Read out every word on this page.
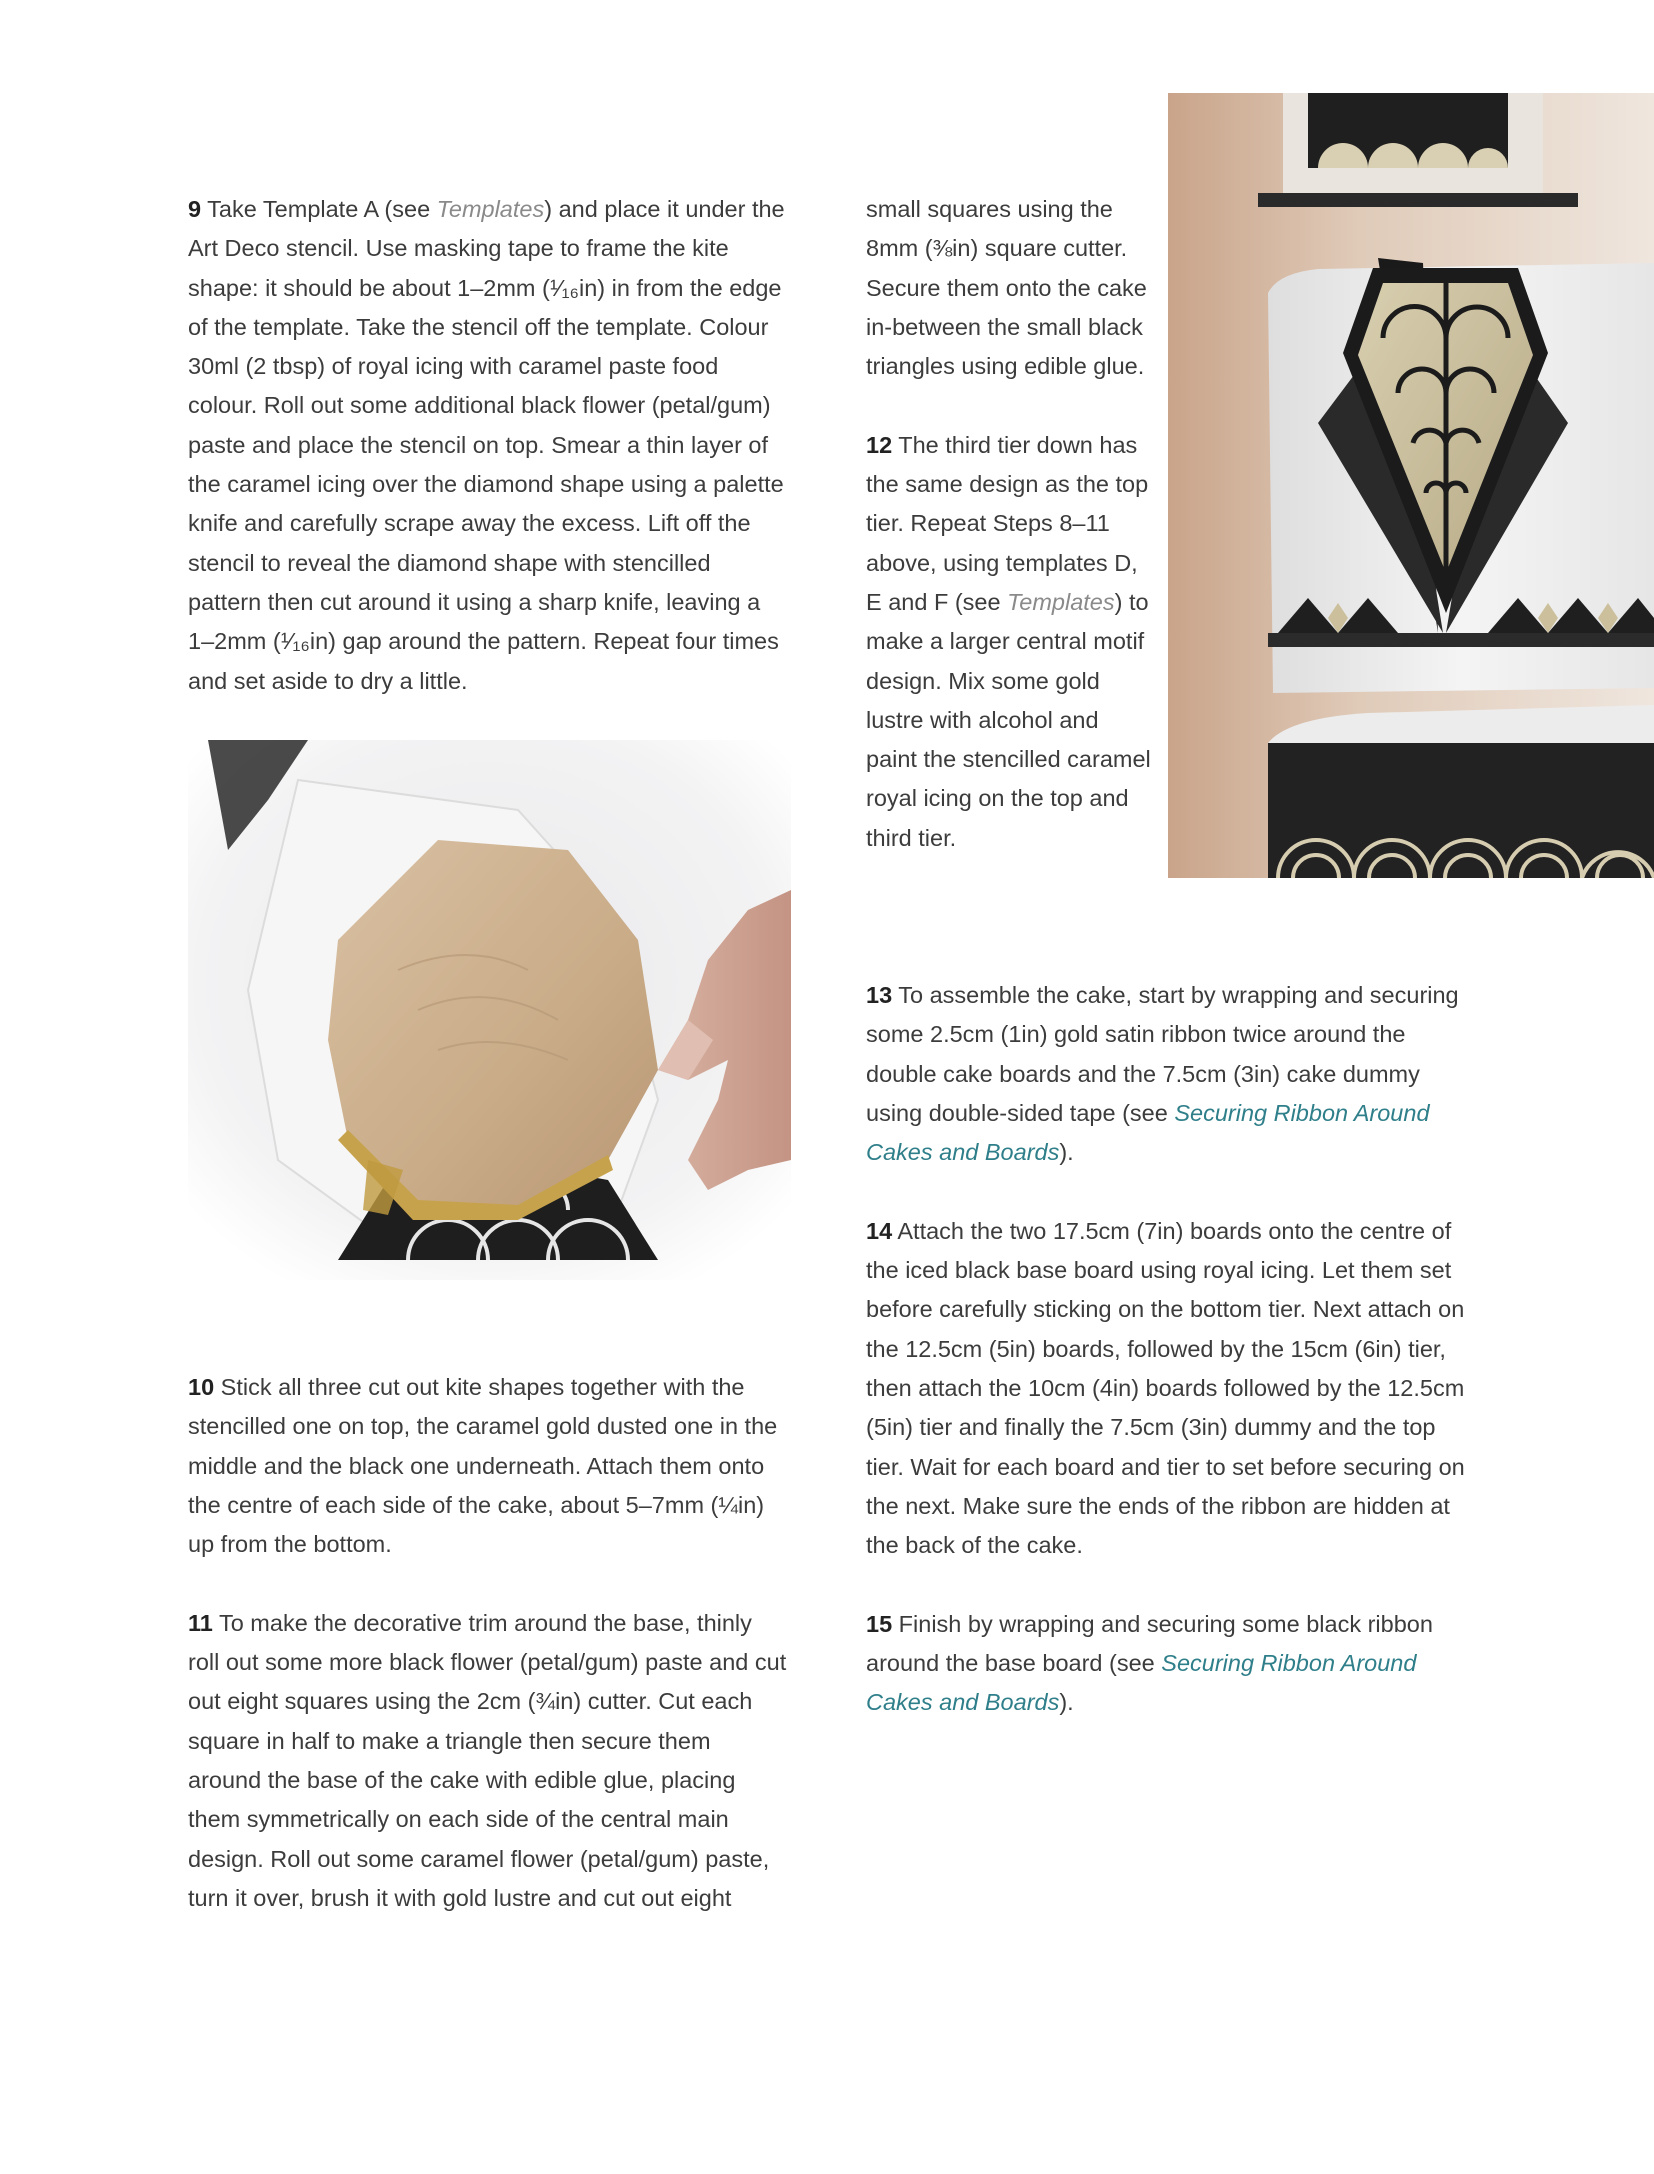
9 Take Template A (see Templates) and place it under the Art Deco stencil. Use masking tape to frame the kite shape: it should be about 1–2mm (¹⁄₁₆in) in from the edge of the template. Take the stencil off the template. Colour 30ml (2 tbsp) of royal icing with caramel paste food colour. Roll out some additional black flower (petal/gum) paste and place the stencil on top. Smear a thin layer of the caramel icing over the diamond shape using a palette knife and carefully scrape away the excess. Lift off the stencil to reveal the diamond shape with stencilled pattern then cut around it using a sharp knife, leaving a 1–2mm (¹⁄₁₆in) gap around the pattern. Repeat four times and set aside to dry a little.

10 Stick all three cut out kite shapes together with the stencilled one on top, the caramel gold dusted one in the middle and the black one underneath. Attach them onto the centre of each side of the cake, about 5–7mm (¼in) up from the bottom.

11 To make the decorative trim around the base, thinly roll out some more black flower (petal/gum) paste and cut out eight squares using the 2cm (¾in) cutter. Cut each square in half to make a triangle then secure them around the base of the cake with edible glue, placing them symmetrically on each side of the central main design. Roll out some caramel flower (petal/gum) paste, turn it over, brush it with gold lustre and cut out eight

small squares using the 8mm (⅜in) square cutter. Secure them onto the cake in-between the small black triangles using edible glue.

12 The third tier down has the same design as the top tier. Repeat Steps 8–11 above, using templates D, E and F (see Templates) to make a larger central motif design. Mix some gold lustre with alcohol and paint the stencilled caramel royal icing on the top and third tier.

13 To assemble the cake, start by wrapping and securing some 2.5cm (1in) gold satin ribbon twice around the double cake boards and the 7.5cm (3in) cake dummy using double-sided tape (see Securing Ribbon Around Cakes and Boards).

14 Attach the two 17.5cm (7in) boards onto the centre of the iced black base board using royal icing. Let them set before carefully sticking on the bottom tier. Next attach on the 12.5cm (5in) boards, followed by the 15cm (6in) tier, then attach the 10cm (4in) boards followed by the 12.5cm (5in) tier and finally the 7.5cm (3in) dummy and the top tier. Wait for each board and tier to set before securing on the next. Make sure the ends of the ribbon are hidden at the back of the cake.

15 Finish by wrapping and securing some black ribbon around the base board (see Securing Ribbon Around Cakes and Boards).
